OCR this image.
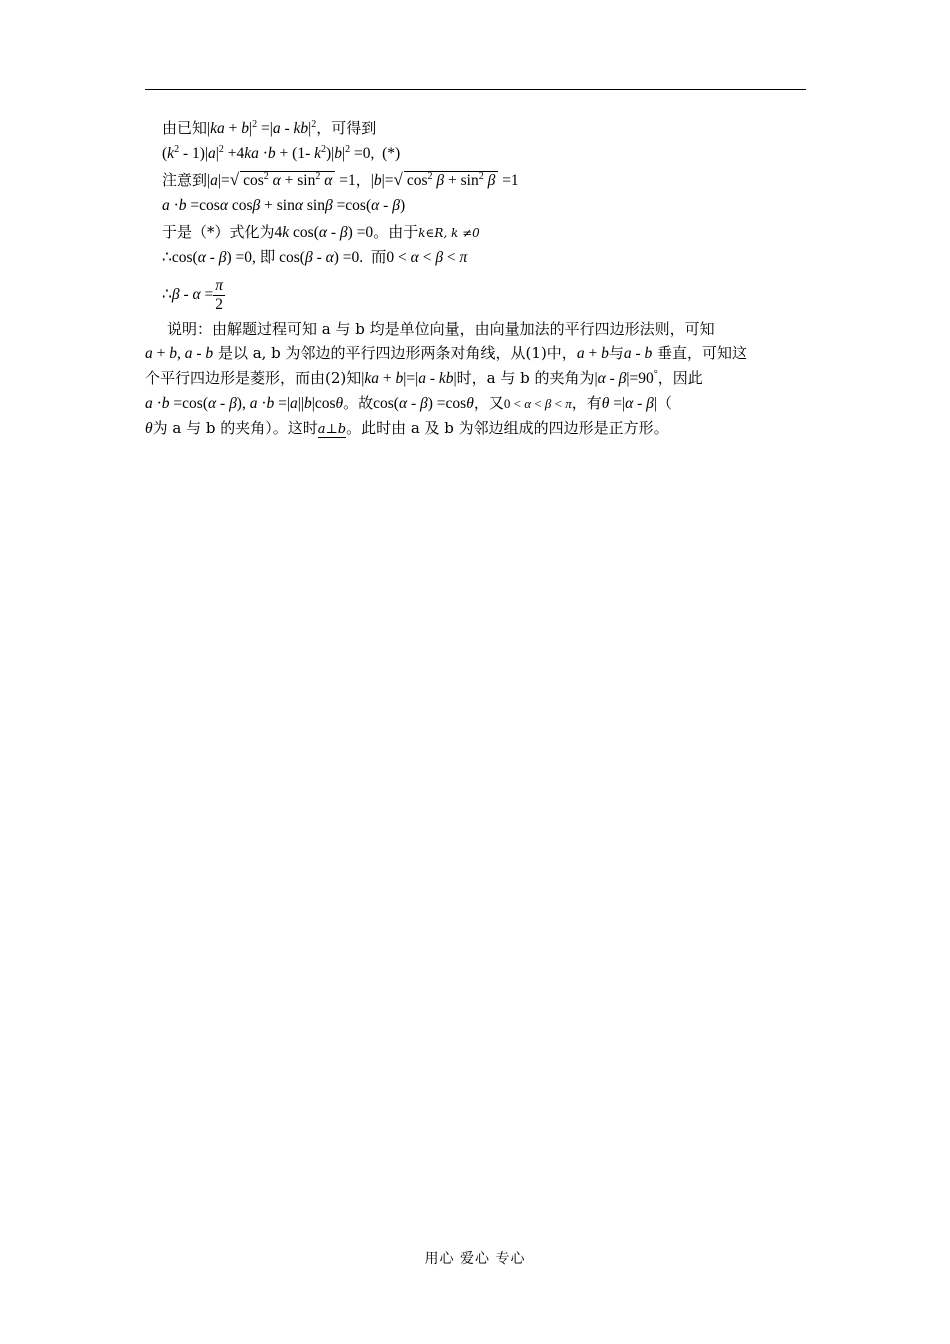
由已知$|ka + b|^2 =|a - kb|^2$，可得到
$(k^2 - 1)|a|^2 +4ka \cdot b + (1-$ $k^2)|b|^2 =0$,  (*)
注意到|a|=√ $\cos^2 \alpha + \sin^2 \alpha =1$，|b|=√ $\cos^2 \beta + \sin^2 \beta =1$
a ·b =cosα cosβ + sinα sinβ =cos(α - β)
于是（*）式化为4k cos(α - β) =0。由于k∈R, k ≠0
∴cos(α - β) =0, 即 cos(β - α) =0.  而0 < α < β < π
∴β - $\alpha = \frac{\pi}{2}$
说明：由解题过程可知 a 与 b 均是单位向量，由向量加法的平行四边形法则，可知
a + b, a - b 是以 a, b 为邻边的平行四边形两条对角线，从(1)中，a + b与a - b 垂直，可知这
个平行四边形是菱形，而由(2)知|ka + b|=|a - kb|时，a 与 b 的夹角为|α - β|=90°，因此
a ·b =cos(α - β), a ·b =|a||b|cosθ。故cos(α - β) =cosθ，又0 < α < β < π，有θ =|α - β|（
θ为 a 与 b 的夹角）。这时a⊥b。此时由 a 及 b 为邻边组成的四边形是正方形。
用心 爱心 专心
